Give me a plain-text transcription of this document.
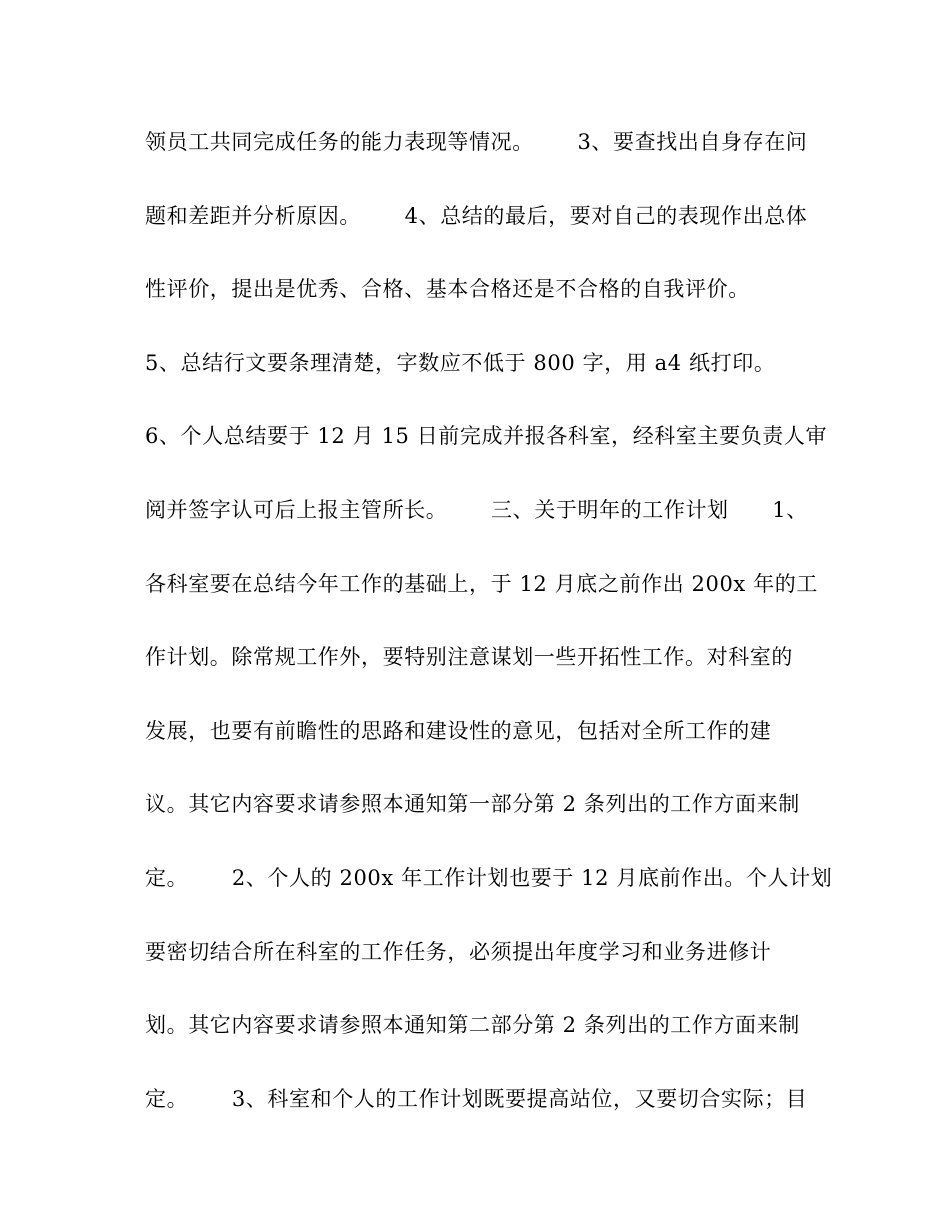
领员工共同完成任务的能力表现等情况。      3、要查找出自身存在问
题和差距并分析原因。      4、总结的最后，要对自己的表现作出总体
性评价，提出是优秀、合格、基本合格还是不合格的自我评价。
5、总结行文要条理清楚，字数应不低于 800 字，用 a4 纸打印。
6、个人总结要于 12 月 15 日前完成并报各科室，经科室主要负责人审
阅并签字认可后上报主管所长。      三、关于明年的工作计划      1、
各科室要在总结今年工作的基础上，于 12 月底之前作出 200x 年的工
作计划。除常规工作外，要特别注意谋划一些开拓性工作。对科室的
发展，也要有前瞻性的思路和建设性的意见，包括对全所工作的建
议。其它内容要求请参照本通知第一部分第 2 条列出的工作方面来制
定。      2、个人的 200x 年工作计划也要于 12 月底前作出。个人计划
要密切结合所在科室的工作任务，必须提出年度学习和业务进修计
划。其它内容要求请参照本通知第二部分第 2 条列出的工作方面来制
定。      3、科室和个人的工作计划既要提高站位，又要切合实际；目
